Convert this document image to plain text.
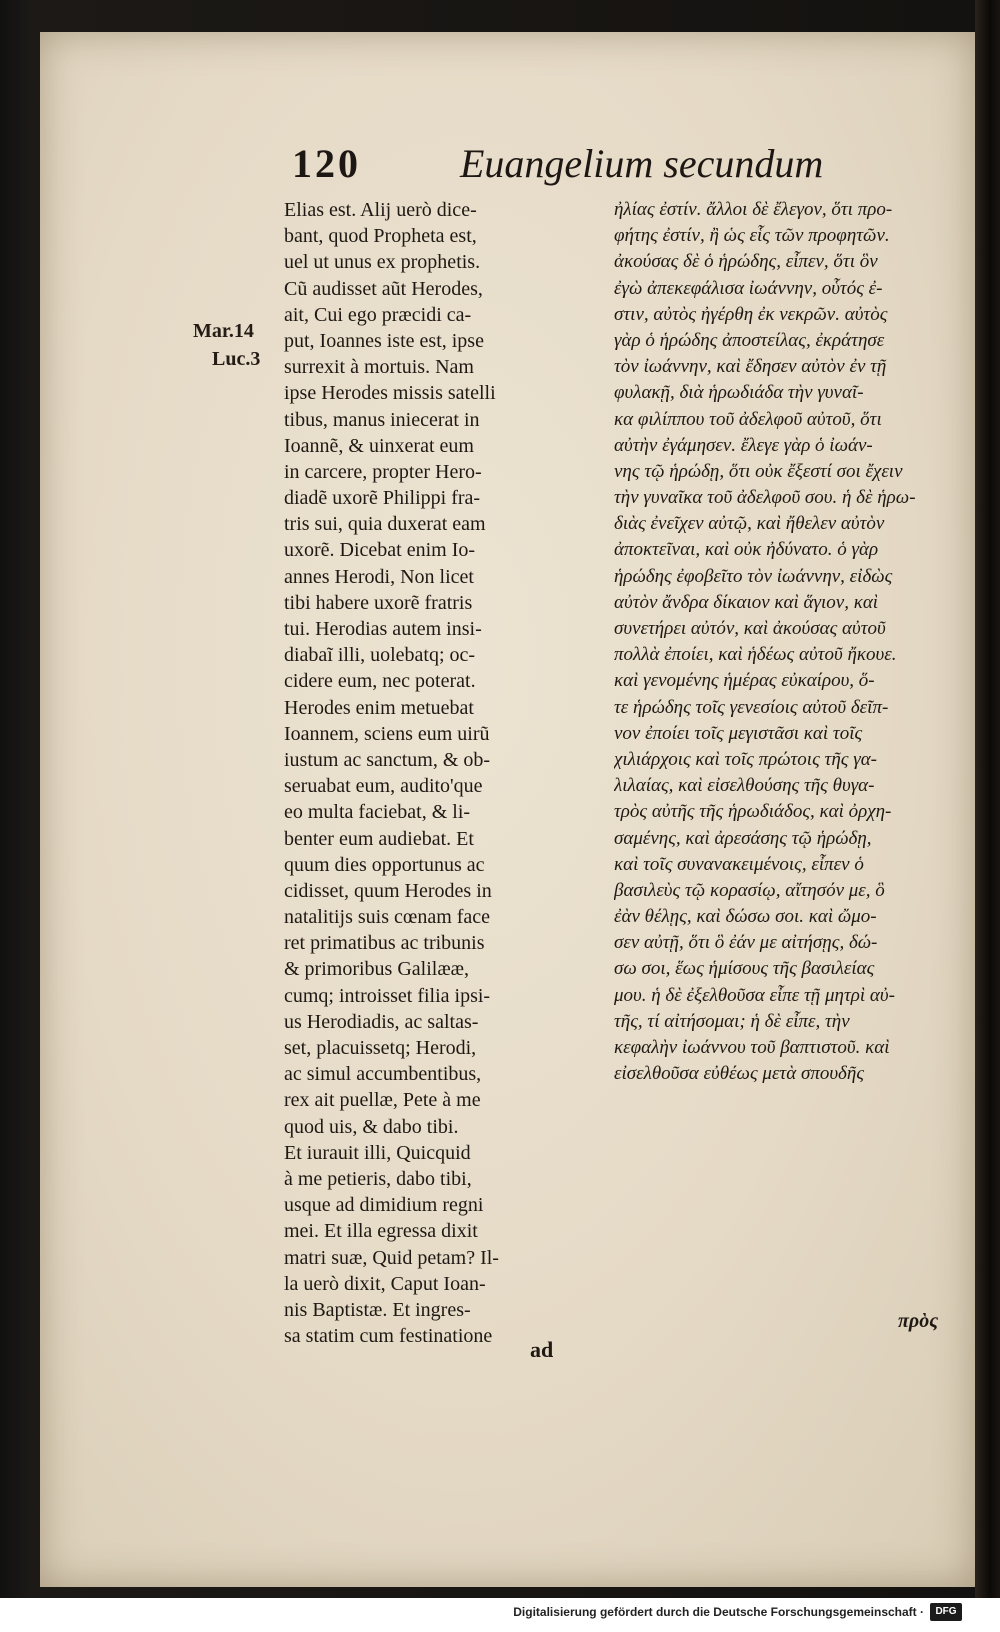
120 Euangelium secundum
Mar.14
Luc.3
Elias est. Alij uerò dice-
bant, quod Propheta est,
uel ut unus ex prophetis.
Cũ audisset aũt Herodes,
ait, Cui ego præcidi ca-
put, Ioannes iste est, ipse
surrexit à mortuis. Nam
ipse Herodes missis satelli
tibus, manus iniecerat in
Ioannẽ, & uinxerat eum
in carcere, propter Hero-
diadẽ uxorẽ Philippi fra-
tris sui, quia duxerat eam
uxorẽ. Dicebat enim Io-
annes Herodi, Non licet
tibi habere uxorẽ fratris
tui. Herodias autem insi-
diabaĩ illi, uolebatq; oc-
cidere eum, nec poterat.
Herodes enim metuebat
Ioannem, sciens eum uirũ
iustum ac sanctum, & ob-
seruabat eum, audito'que
eo multa faciebat, & li-
benter eum audiebat. Et
quum dies opportunus ac
cidisset, quum Herodes in
natalitijs suis cœnam face
ret primatibus ac tribunis
& primoribus Galilææ,
cumq; introisset filia ipsi-
us Herodiadis, ac saltas-
set, placuissetq; Herodi,
ac simul accumbentibus,
rex ait puellæ, Pete à me
quod uis, & dabo tibi.
Et iurauit illi, Quicquid
à me petieris, dabo tibi,
usque ad dimidium regni
mei. Et illa egressa dixit
matri suæ, Quid petam? Il-
la uerò dixit, Caput Ioan-
nis Baptistæ. Et ingres-
sa statim cum festinatione
ad
ἠλίας ἐστίν. ἄλλοι δὲ ἔλεγον, ὅτι προ-
φήτης ἐστίν, ἢ ὡς εἷς τῶν προφητῶν.
ἀκούσας δὲ ὁ ἡρώδης, εἶπεν, ὅτι ὃν
ἐγὼ ἀπεκεφάλισα ἰωάννην, οὗτός ἐ-
στιν, αὐτὸς ἠγέρθη ἐκ νεκρῶν. αὐτὸς
γὰρ ὁ ἡρώδης ἀποστείλας, ἐκράτησε
τὸν ἰωάννην, καὶ ἔδησεν αὐτὸν ἐν τῇ
φυλακῇ, διὰ ἡρωδιάδα τὴν γυναῖ-
κα φιλίππου τοῦ ἀδελφοῦ αὐτοῦ, ὅτι
αὐτὴν ἐγάμησεν. ἔλεγε γὰρ ὁ ἰωάν-
νης τῷ ἡρώδῃ, ὅτι οὐκ ἔξεστί σοι ἔχειν
τὴν γυναῖκα τοῦ ἀδελφοῦ σου. ἡ δὲ ἡρω-
διὰς ἐνεῖχεν αὐτῷ, καὶ ἤθελεν αὐτὸν
ἀποκτεῖναι, καὶ οὐκ ἠδύνατο. ὁ γὰρ
ἡρώδης ἐφοβεῖτο τὸν ἰωάννην, εἰδὼς
αὐτὸν ἄνδρα δίκαιον καὶ ἅγιον, καὶ
συνετήρει αὐτόν, καὶ ἀκούσας αὐτοῦ
πολλὰ ἐποίει, καὶ ἡδέως αὐτοῦ ἤκουε.
καὶ γενομένης ἡμέρας εὐκαίρου, ὅ-
τε ἡρώδης τοῖς γενεσίοις αὐτοῦ δεῖπ-
νον ἐποίει τοῖς μεγιστᾶσι καὶ τοῖς
χιλιάρχοις καὶ τοῖς πρώτοις τῆς γα-
λιλαίας, καὶ εἰσελθούσης τῆς θυγα-
τρὸς αὐτῆς τῆς ἡρωδιάδος, καὶ ὀρχη-
σαμένης, καὶ ἀρεσάσης τῷ ἡρώδῃ,
καὶ τοῖς συνανακειμένοις, εἶπεν ὁ
βασιλεὺς τῷ κορασίῳ, αἴτησόν με, ὃ
ἐὰν θέλῃς, καὶ δώσω σοι. καὶ ὤμο-
σεν αὐτῇ, ὅτι ὃ ἐάν με αἰτήσῃς, δώ-
σω σοι, ἕως ἡμίσους τῆς βασιλείας
μου. ἡ δὲ ἐξελθοῦσα εἶπε τῇ μητρὶ αὐ-
τῆς, τί αἰτήσομαι; ἡ δὲ εἶπε, τὴν
κεφαλὴν ἰωάννου τοῦ βαπτιστοῦ. καὶ
εἰσελθοῦσα εὐθέως μετὰ σπουδῆς
πρὸς
Digitalisierung gefördert durch die Deutsche Forschungsgemeinschaft ·	DFG
